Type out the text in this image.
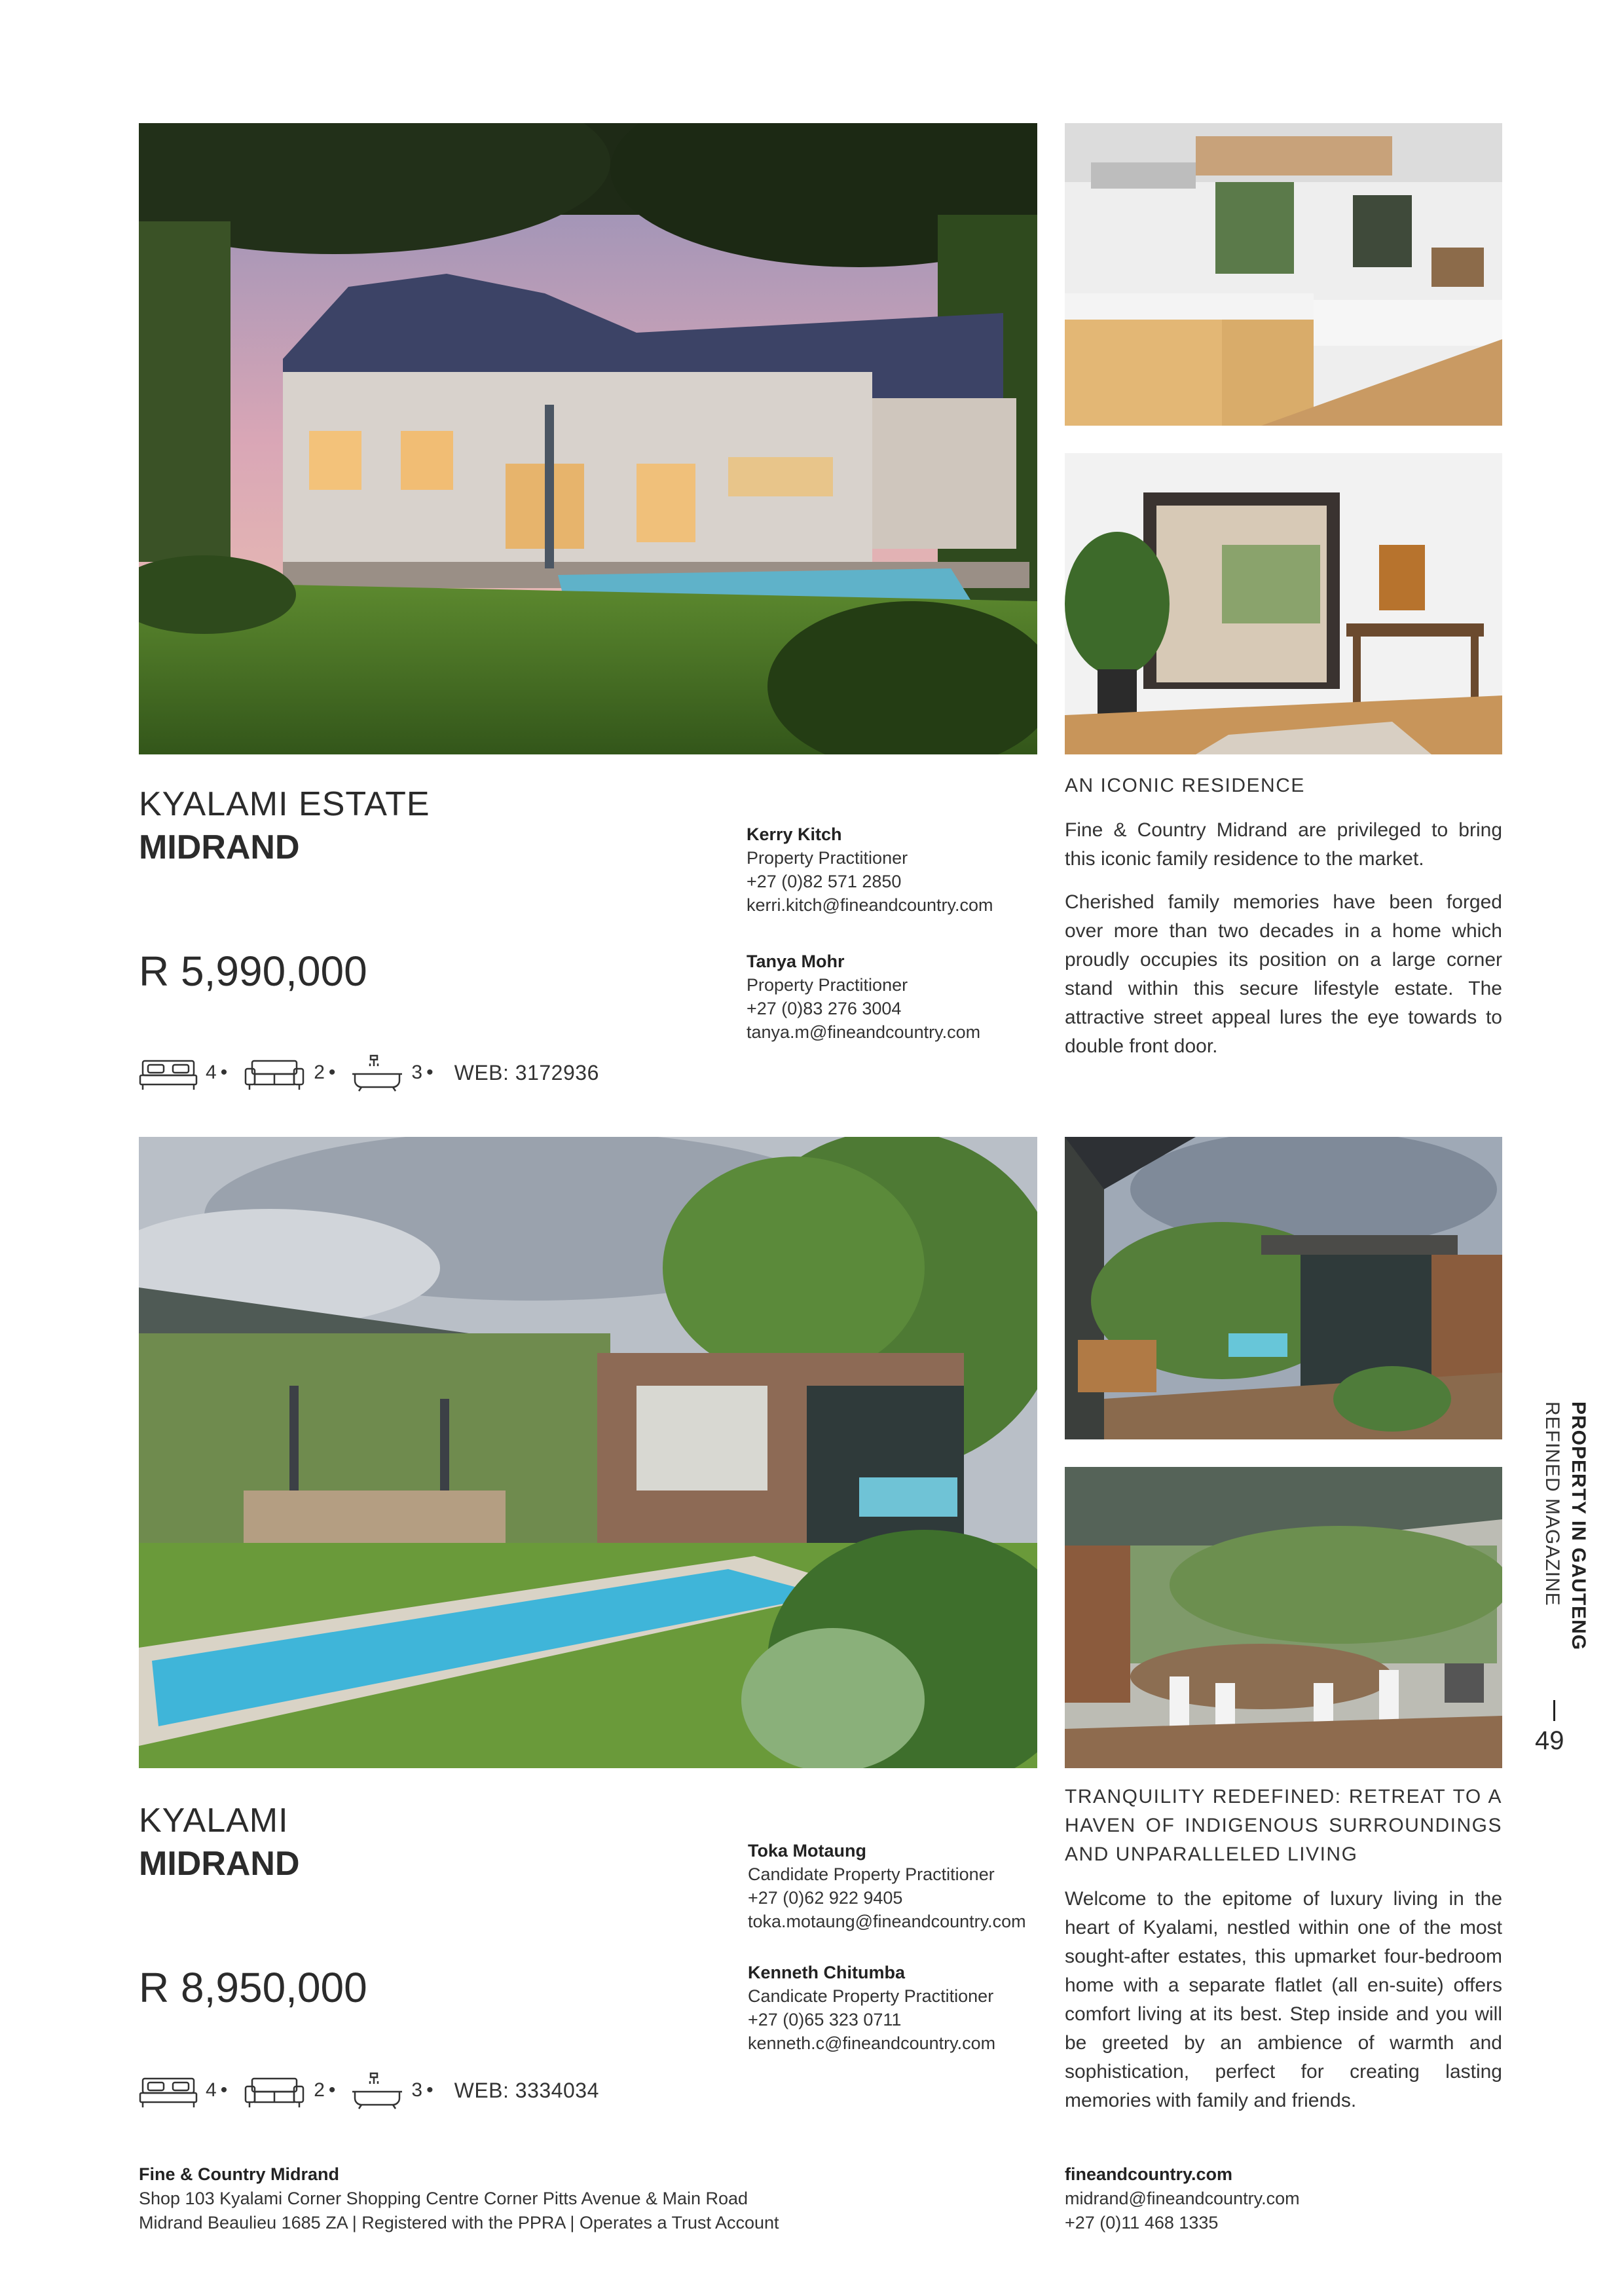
KYALAMI ESTATE
MIDRAND
R 5,990,000
4 •	2 •	3 • WEB: 3172936
Kerry Kitch
Property Practitioner
+27 (0)82 571 2850
kerri.kitch@fineandcountry.com
Tanya Mohr
Property Practitioner
+27 (0)83 276 3004
tanya.m@fineandcountry.com
AN ICONIC RESIDENCE

Fine & Country Midrand are privileged to bring this iconic family residence to the market.

Cherished family memories have been forged over more than two decades in a home which proudly occupies its position on a large corner stand within this secure lifestyle estate. The attractive street appeal lures the eye towards to double front door.

KYALAMI
MIDRAND
R 8,950,000
4 •	2 •	3 • WEB: 3334034
Toka Motaung
Candidate Property Practitioner
+27 (0)62 922 9405
toka.motaung@fineandcountry.com
Kenneth Chitumba
Candicate Property Practitioner
+27 (0)65 323 0711
kenneth.c@fineandcountry.com
TRANQUILITY REDEFINED: RETREAT TO A HAVEN OF INDIGENOUS SURROUNDINGS AND UNPARALLELED LIVING

Welcome to the epitome of luxury living in the heart of Kyalami, nestled within one of the most sought-after estates, this upmarket four-bedroom home with a separate flatlet (all en-suite) offers comfort living at its best. Step inside and you will be greeted by an ambience of warmth and sophistication, perfect for creating lasting memories with family and friends.

PROPERTY IN GAUTENG
REFINED MAGAZINE
49
Fine & Country Midrand
Shop 103 Kyalami Corner Shopping Centre Corner Pitts Avenue & Main Road
Midrand Beaulieu 1685 ZA | Registered with the PPRA | Operates a Trust Account
fineandcountry.com
midrand@fineandcountry.com
+27 (0)11 468 1335
